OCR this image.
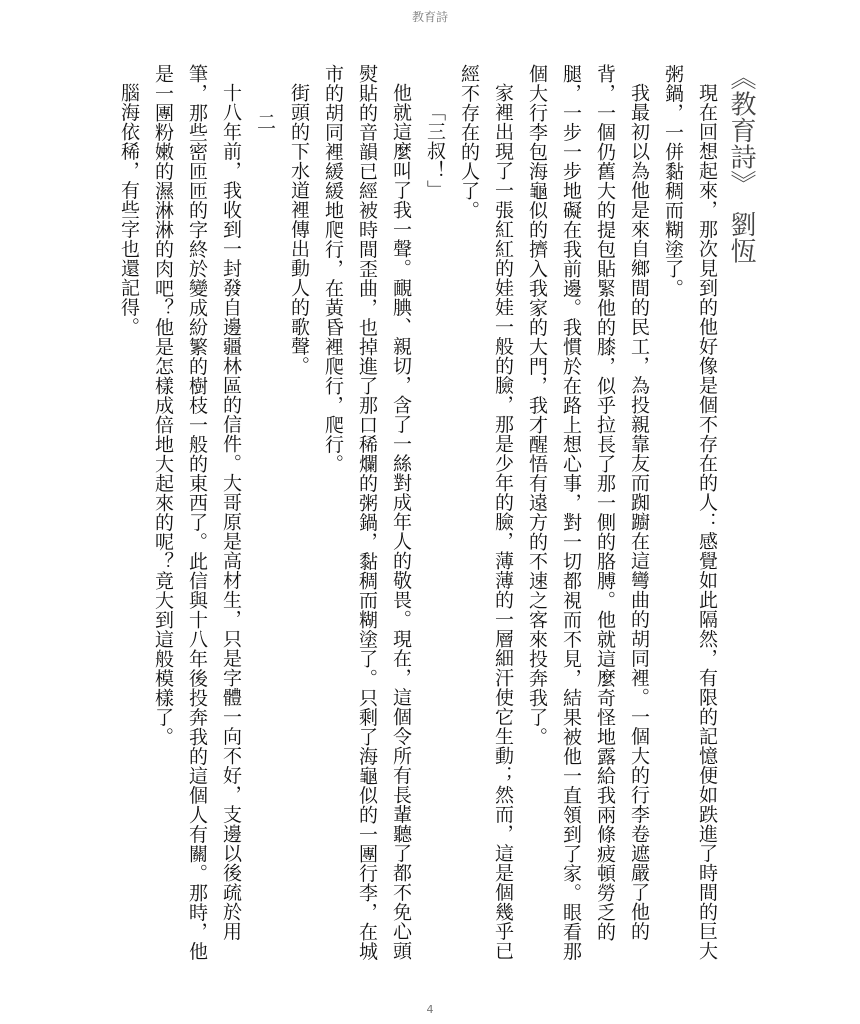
教育詩

《教育詩》劉恆

現在回想起來，那次見到的他好像是個不存在的人：感覺如此隔然，有限的記憶便如跌進了時間的巨大粥鍋，一併黏稠而糊塗了。

我最初以為他是來自鄉間的民工，為投親靠友而踟躕在這彎曲的胡同裡。一個大的行李卷遮嚴了他的背，一個仍舊大的提包貼緊他的膝，似乎拉長了那一側的胳膊。他就這麼奇怪地露給我兩條疲頓勞乏的腿，一步一步地礙在我前邊。我慣於在路上想心事，對一切都視而不見，結果被他一直領到了家。眼看那個大行李包海龜似的擠入我家的大門，我才醒悟有遠方的不速之客來投奔我了。

家裡出現了一張紅紅的娃娃一般的臉，那是少年的臉，薄薄的一層細汗使它生動；然而，這是個幾乎已經不存在的人了。

「三叔！」

他就這麼叫了我一聲。靦腆、親切，含了一絲對成年人的敬畏。現在，這個令所有長輩聽了都不免心頭熨貼的音韻已經被時間歪曲，也掉進了那口稀爛的粥鍋，黏稠而糊塗了。只剩了海龜似的一團行李，在城市的胡同裡緩緩地爬行，在黃昏裡爬行，爬行。

街頭的下水道裡傳出動人的歌聲。

二

十八年前，我收到一封發自邊疆林區的信件。大哥原是高材生，只是字體一向不好，支邊以後疏於用筆，那些密匝匝的字終於變成紛繁的樹枝一般的東西了。此信與十八年後投奔我的這個人有關。那時，他是一團粉嫩的濕淋淋的肉吧？他是怎樣成倍地大起來的呢？竟大到這般模樣了。

腦海依稀，有些字也還記得。

4
